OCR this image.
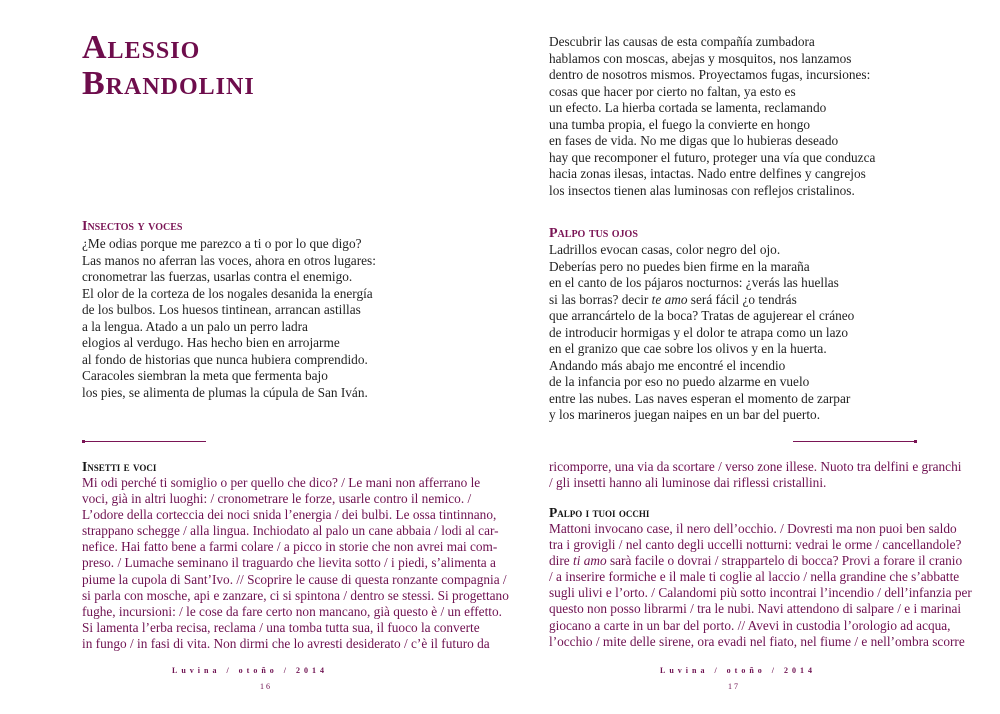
Alessio
Brandolini
Insectos y voces
¿Me odias porque me parezco a ti o por lo que digo?
Las manos no aferran las voces, ahora en otros lugares:
cronometrar las fuerzas, usarlas contra el enemigo.
El olor de la corteza de los nogales desanida la energía
de los bulbos. Los huesos tintinean, arrancan astillas
a la lengua. Atado a un palo un perro ladra
elogios al verdugo. Has hecho bien en arrojarme
al fondo de historias que nunca hubiera comprendido.
Caracoles siembran la meta que fermenta bajo
los pies, se alimenta de plumas la cúpula de San Iván.
Insetti e voci
Mi odi perché ti somiglio o per quello che dico? / Le mani non afferrano le
voci, già in altri luoghi: / cronometrare le forze, usarle contro il nemico. /
L’odore della corteccia dei noci snida l’energia / dei bulbi. Le ossa tintinnano,
strappano schegge / alla lingua. Inchiodato al palo un cane abbaia / lodi al car-
nefice. Hai fatto bene a farmi colare / a picco in storie che non avrei mai com-
preso. / Lumache seminano il traguardo che lievita sotto / i piedi, s’alimenta a
piume la cupola di Sant’Ivo. // Scoprire le cause di questa ronzante compagnia /
si parla con mosche, api e zanzare, ci si spintona / dentro se stessi. Si progettano
fughe, incursioni: / le cose da fare certo non mancano, già questo è / un effetto.
Si lamenta l’erba recisa, reclama / una tomba tutta sua, il fuoco la converte
in fungo / in fasi di vita. Non dirmi che lo avresti desiderato / c’è il futuro da
Luvina / otoño / 2014
16
Descubrir las causas de esta compañía zumbadora
hablamos con moscas, abejas y mosquitos, nos lanzamos
dentro de nosotros mismos. Proyectamos fugas, incursiones:
cosas que hacer por cierto no faltan, ya esto es
un efecto. La hierba cortada se lamenta, reclamando
una tumba propia, el fuego la convierte en hongo
en fases de vida. No me digas que lo hubieras deseado
hay que recomponer el futuro, proteger una vía que conduzca
hacia zonas ilesas, intactas. Nado entre delfines y cangrejos
los insectos tienen alas luminosas con reflejos cristalinos.
Palpo tus ojos
Ladrillos evocan casas, color negro del ojo.
Deberías pero no puedes bien firme en la maraña
en el canto de los pájaros nocturnos: ¿verás las huellas
si las borras? decir te amo será fácil ¿o tendrás
que arrancártelo de la boca? Tratas de agujerear el cráneo
de introducir hormigas y el dolor te atrapa como un lazo
en el granizo que cae sobre los olivos y en la huerta.
Andando más abajo me encontré el incendio
de la infancia por eso no puedo alzarme en vuelo
entre las nubes. Las naves esperan el momento de zarpar
y los marineros juegan naipes en un bar del puerto.
ricomporre, una via da scortare / verso zone illese. Nuoto tra delfini e granchi
/ gli insetti hanno ali luminose dai riflessi cristallini.
Palpo i tuoi occhi
Mattoni invocano case, il nero dell’occhio. / Dovresti ma non puoi ben saldo
tra i grovigli / nel canto degli uccelli notturni: vedrai le orme / cancellandole?
dire ti amo sarà facile o dovrai / strappartelo di bocca? Provi a forare il cranio
/ a inserire formiche e il male ti coglie al laccio / nella grandine che s’abbatte
sugli ulivi e l’orto. / Calandomi più sotto incontrai l’incendio / dell’infanzia per
questo non posso librarmi / tra le nubi. Navi attendono di salpare / e i marinai
giocano a carte in un bar del porto. // Avevi in custodia l’orologio ad acqua,
l’occhio / mite delle sirene, ora evadi nel fiato, nel fiume / e nell’ombra scorre
Luvina / otoño / 2014
17
